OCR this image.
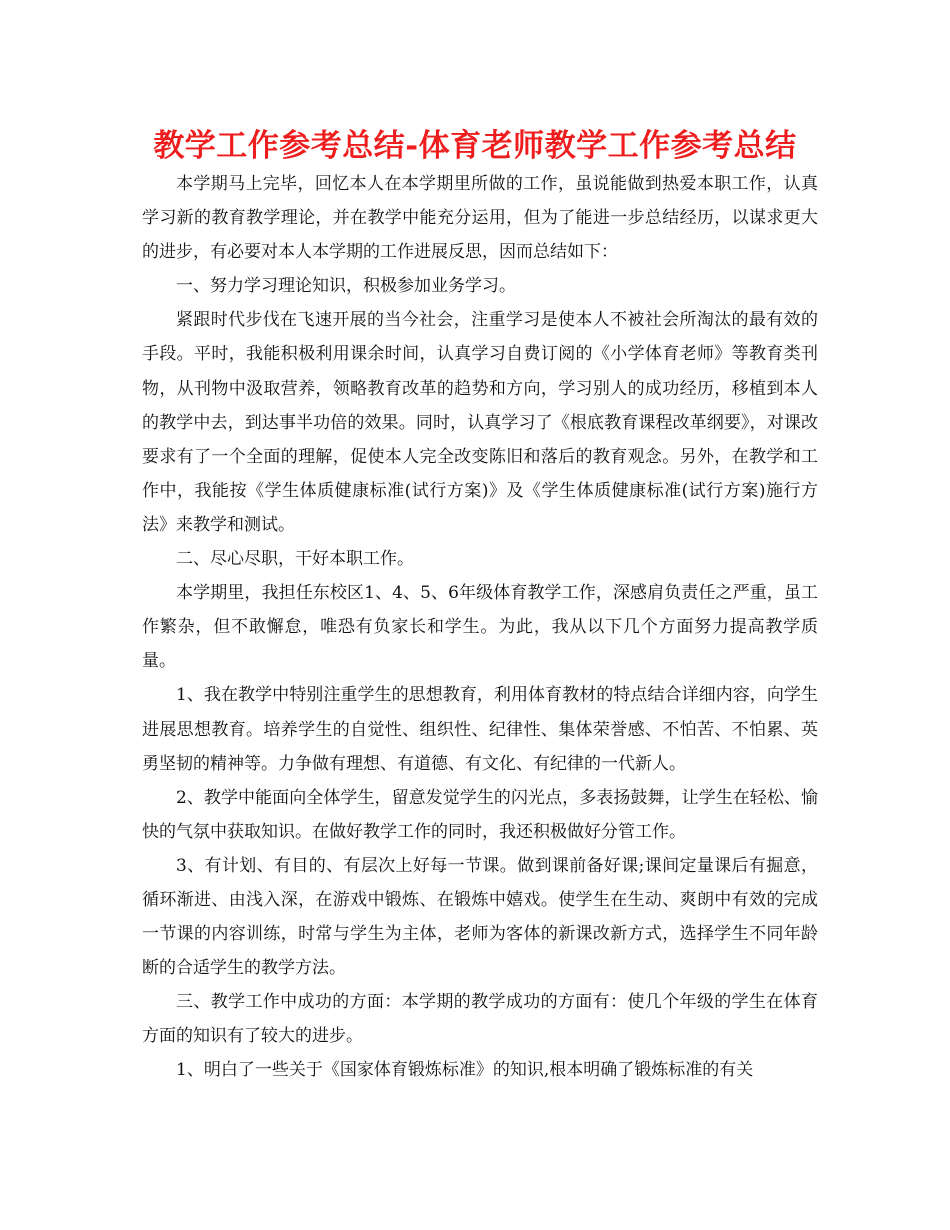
教学工作参考总结-体育老师教学工作参考总结

本学期马上完毕，回忆本人在本学期里所做的工作，虽说能做到热爱本职工作，认真学习新的教育教学理论，并在教学中能充分运用，但为了能进一步总结经历，以谋求更大的进步，有必要对本人本学期的工作进展反思，因而总结如下：

一、努力学习理论知识，积极参加业务学习。

紧跟时代步伐在飞速开展的当今社会，注重学习是使本人不被社会所淘汰的最有效的手段。平时，我能积极利用课余时间，认真学习自费订阅的《小学体育老师》等教育类刊物，从刊物中汲取营养，领略教育改革的趋势和方向，学习别人的成功经历，移植到本人的教学中去，到达事半功倍的效果。同时，认真学习了《根底教育课程改革纲要》，对课改要求有了一个全面的理解，促使本人完全改变陈旧和落后的教育观念。另外，在教学和工作中，我能按《学生体质健康标准(试行方案)》及《学生体质健康标准(试行方案)施行方法》来教学和测试。

二、尽心尽职，干好本职工作。

本学期里，我担任东校区1、4、5、6年级体育教学工作，深感肩负责任之严重，虽工作繁杂，但不敢懈怠，唯恐有负家长和学生。为此，我从以下几个方面努力提高教学质量。

1、我在教学中特别注重学生的思想教育，利用体育教材的特点结合详细内容，向学生进展思想教育。培养学生的自觉性、组织性、纪律性、集体荣誉感、不怕苦、不怕累、英勇坚韧的精神等。力争做有理想、有道德、有文化、有纪律的一代新人。

2、教学中能面向全体学生，留意发觉学生的闪光点，多表扬鼓舞，让学生在轻松、愉快的气氛中获取知识。在做好教学工作的同时，我还积极做好分管工作。

3、有计划、有目的、有层次上好每一节课。做到课前备好课;课间定量课后有掘意，循环渐进、由浅入深，在游戏中锻炼、在锻炼中嬉戏。使学生在生动、爽朗中有效的完成一节课的内容训练，时常与学生为主体，老师为客体的新课改新方式，选择学生不同年龄断的合适学生的教学方法。

三、教学工作中成功的方面：本学期的教学成功的方面有：使几个年级的学生在体育方面的知识有了较大的进步。

1、明白了一些关于《国家体育锻炼标准》的知识,根本明确了锻炼标准的有关
